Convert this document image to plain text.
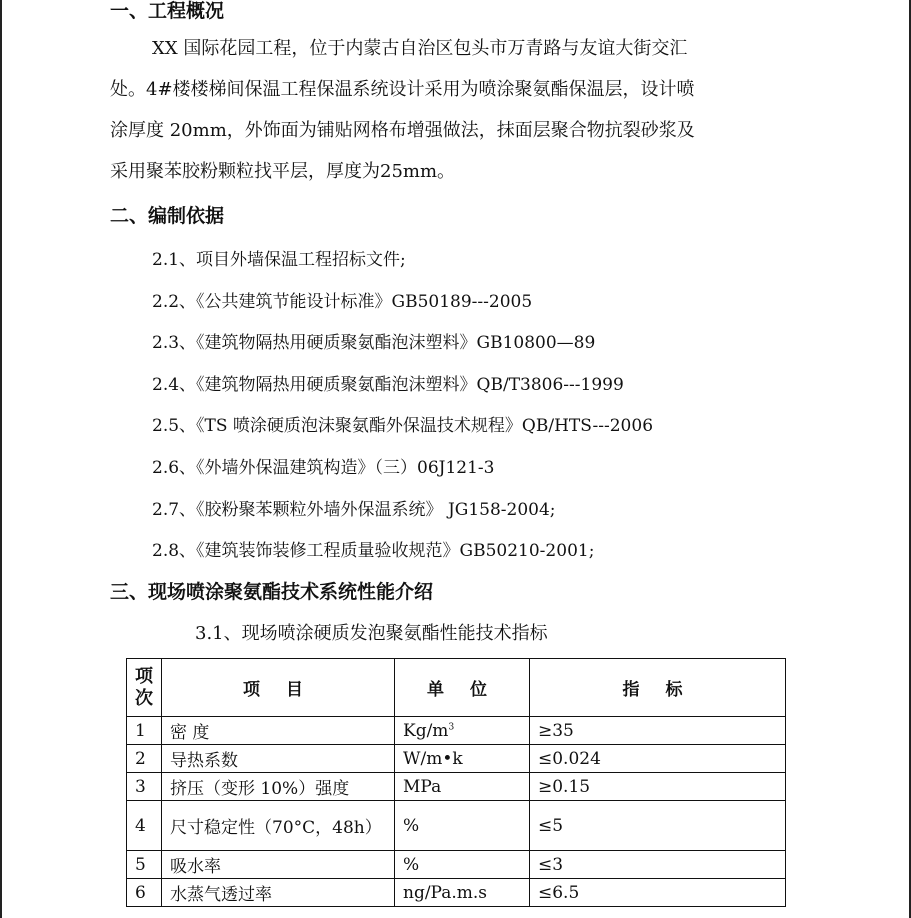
一、工程概况
XX 国际花园工程，位于内蒙古自治区包头市万青路与友谊大街交汇
处。4#楼楼梯间保温工程保温系统设计采用为喷涂聚氨酯保温层，设计喷
涂厚度 20mm，外饰面为铺贴网格布增强做法，抹面层聚合物抗裂砂浆及
采用聚苯胶粉颗粒找平层，厚度为25mm。
二、编制依据
2.1、项目外墙保温工程招标文件;
2.2、《公共建筑节能设计标准》GB50189---2005
2.3、《建筑物隔热用硬质聚氨酯泡沫塑料》GB10800—89
2.4、《建筑物隔热用硬质聚氨酯泡沫塑料》QB/T3806---1999
2.5、《TS 喷涂硬质泡沫聚氨酯外保温技术规程》QB/HTS---2006
2.6、《外墙外保温建筑构造》（三）06J121-3
2.7、《胶粉聚苯颗粒外墙外保温系统》 JG158-2004;
2.8、《建筑装饰装修工程质量验收规范》GB50210-2001;
三、现场喷涂聚氨酯技术系统性能介绍
3.1、现场喷涂硬质发泡聚氨酯性能技术指标
项
次	项 目	单 位	指 标
1	密 度	$Kg/m^3$	≥35
2	导热系数	W/m•k	≤0.024
3	挤压（变形 10%）强度	MPa	≥0.15
4	尺寸稳定性（70°C，48h）	%	≤5
5	吸水率	%	≤3
6	水蒸气透过率	ng/Pa.m.s	≤6.5
